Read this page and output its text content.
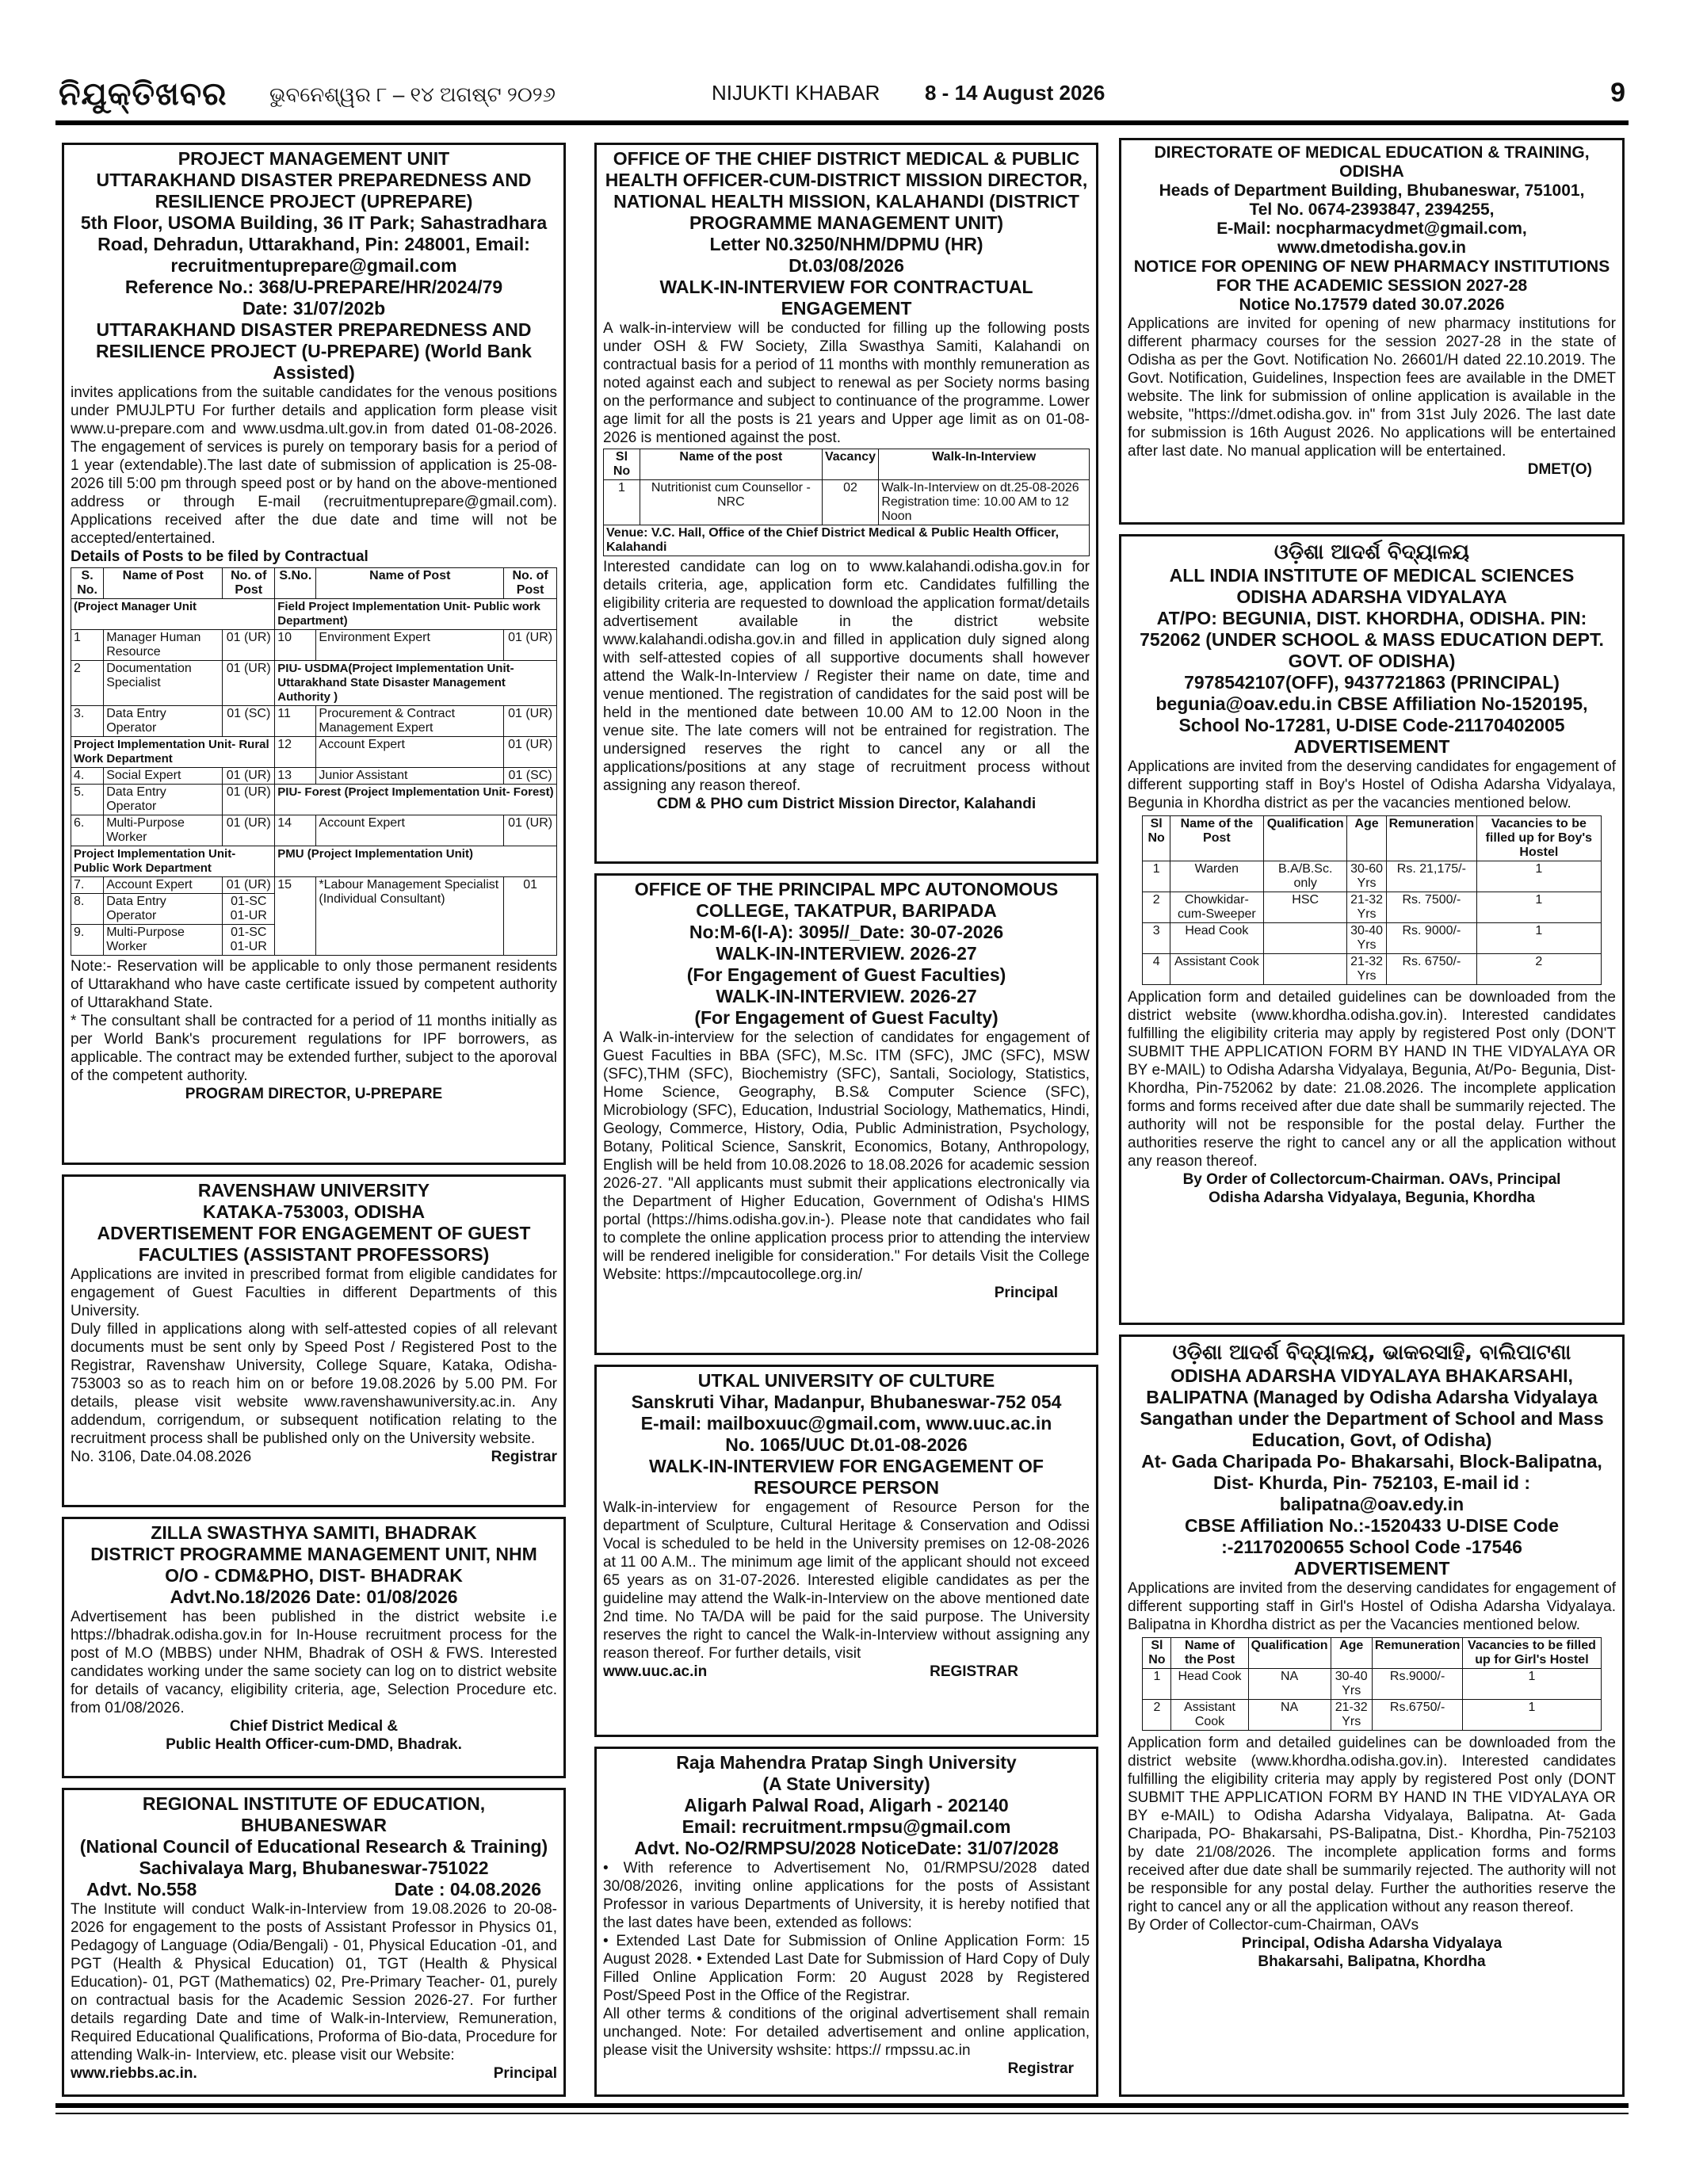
ନିଯୁକ୍ତିଖବର ଭୁବନେଶ୍ୱର ୮ – ୧୪ ଅଗଷ୍ଟ ୨୦୨୬	NIJUKTI KHABAR 8 - 14 August 2026	9
PROJECT MANAGEMENT UNIT
UTTARAKHAND DISASTER PREPAREDNESS AND RESILIENCE PROJECT (UPREPARE)
5th Floor, USOMA Building, 36 IT Park; Sahastradhara Road, Dehradun, Uttarakhand, Pin: 248001, Email: recruitmentuprepare@gmail.com
Reference No.: 368/U-PREPARE/HR/2024/79
Date: 31/07/202b
UTTARAKHAND DISASTER PREPAREDNESS AND RESILIENCE PROJECT (U-PREPARE) (World Bank Assisted)
invites applications from the suitable candidates for the venous positions under PMUJLPTU For further details and application form please visit www.u-prepare.com and www.usdma.ult.gov.in from dated 01-08-2026. The engagement of services is purely on temporary basis for a period of 1 year (extendable).The last date of submission of application is 25-08-2026 till 5:00 pm through speed post or by hand on the above-mentioned address or through E-mail (recruitmentuprepare@gmail.com). Applications received after the due date and time will not be accepted/entertained.
Details of Posts to be filed by Contractual
S. No.	Name of Post	No. of Post	S.No.	Name of Post	No. of Post
(Project Manager Unit			Field Project Implementation Unit- Public work Department)		
1	Manager Human Resource	01 (UR)	10	Environment Expert	01 (UR)
2	Documentation Specialist	01 (UR)	PIU- USDMA(Project Implementation Unit- Uttarakhand State Disaster Management Authority )		
3.	Data Entry Operator	01 (SC)	11	Procurement & Contract Management Expert	01 (UR)
Project Implementation Unit- Rural Work Department			12	Account Expert	01 (UR)
4.	Social Expert	01 (UR)	13	Junior Assistant	01 (SC)
5.	Data Entry Operator	01 (UR)	PIU- Forest (Project Implementation Unit- Forest)		
6.	Multi-Purpose Worker	01 (UR)	14	Account Expert	01 (UR)
Project Implementation Unit- Public Work Department			PMU (Project Implementation Unit)		
7.	Account Expert	01 (UR)	15	*Labour Management Specialist (Individual Consultant)	01
8.	Data Entry Operator	01-SC 01-UR			
9.	Multi-Purpose Worker	01-SC 01-UR			
Note:- Reservation will be applicable to only those permanent residents of Uttarakhand who have caste certificate issued by competent authority of Uttarakhand State.
* The consultant shall be contracted for a period of 11 months initially as per World Bank's procurement regulations for IPF borrowers, as applicable. The contract may be extended further, subject to the aporoval of the competent authority.
PROGRAM DIRECTOR, U-PREPARE
RAVENSHAW UNIVERSITY
KATAKA-753003, ODISHA
ADVERTISEMENT FOR ENGAGEMENT OF GUEST FACULTIES (ASSISTANT PROFESSORS)
Applications are invited in prescribed format from eligible candidates for engagement of Guest Faculties in different Departments of this University.
Duly filled in applications along with self-attested copies of all relevant documents must be sent only by Speed Post / Registered Post to the Registrar, Ravenshaw University, College Square, Kataka, Odisha-753003 so as to reach him on or before 19.08.2026 by 5.00 PM. For details, please visit website www.ravenshawuniversity.ac.in. Any addendum, corrigendum, or subsequent notification relating to the recruitment process shall be published only on the University website.
No. 3106, Date.04.08.2026	Registrar
ZILLA SWASTHYA SAMITI, BHADRAK
DISTRICT PROGRAMME MANAGEMENT UNIT, NHM
O/O - CDM&PHO, DIST- BHADRAK
Advt.No.18/2026 Date: 01/08/2026
Advertisement has been published in the district website i.e https://bhadrak.odisha.gov.in for In-House recruitment process for the post of M.O (MBBS) under NHM, Bhadrak of OSH & FWS. Interested candidates working under the same society can log on to district website for details of vacancy, eligibility criteria, age, Selection Procedure etc. from 01/08/2026.
Chief District Medical &
Public Health Officer-cum-DMD, Bhadrak.
REGIONAL INSTITUTE OF EDUCATION, BHUBANESWAR
(National Council of Educational Research & Training) Sachivalaya Marg, Bhubaneswar-751022
Advt. No.558	Date : 04.08.2026
The Institute will conduct Walk-in-Interview from 19.08.2026 to 20-08-2026 for engagement to the posts of Assistant Professor in Physics 01, Pedagogy of Language (Odia/Bengali) - 01, Physical Education -01, and PGT (Health & Physical Education) 01, TGT (Health & Physical Education)- 01, PGT (Mathematics) 02, Pre-Primary Teacher- 01, purely on contractual basis for the Academic Session 2026-27. For further details regarding Date and time of Walk-in-Interview, Remuneration, Required Educational Qualifications, Proforma of Bio-data, Procedure for attending Walk-in- Interview, etc. please visit our Website:
www.riebbs.ac.in.	Principal
OFFICE OF THE CHIEF DISTRICT MEDICAL & PUBLIC HEALTH OFFICER-CUM-DISTRICT MISSION DIRECTOR, NATIONAL HEALTH MISSION, KALAHANDI (DISTRICT PROGRAMME MANAGEMENT UNIT)
Letter N0.3250/NHM/DPMU (HR)
Dt.03/08/2026
WALK-IN-INTERVIEW FOR CONTRACTUAL ENGAGEMENT
A walk-in-interview will be conducted for filling up the following posts under OSH & FW Society, Zilla Swasthya Samiti, Kalahandi on contractual basis for a period of 11 months with monthly remuneration as noted against each and subject to renewal as per Society norms basing on the performance and subject to continuance of the programme. Lower age limit for all the posts is 21 years and Upper age limit as on 01-08-2026 is mentioned against the post.
Sl No	Name of the post	Vacancy	Walk-In-Interview
1	Nutritionist cum Counsellor - NRC	02	Walk-In-Interview on dt.25-08-2026
Registration time: 10.00 AM to 12 Noon

Venue: V.C. Hall, Office of the Chief District Medical & Public Health Officer, Kalahandi			
Interested candidate can log on to www.kalahandi.odisha.gov.in for details criteria, age, application form etc. Candidates fulfilling the eligibility criteria are requested to download the application format/details advertisement available in the district website www.kalahandi.odisha.gov.in and filled in application duly signed along with self-attested copies of all supportive documents shall however attend the Walk-In-Interview / Register their name on date, time and venue mentioned. The registration of candidates for the said post will be held in the mentioned date between 10.00 AM to 12.00 Noon in the venue site. The late comers will not be entrained for registration. The undersigned reserves the right to cancel any or all the applications/positions at any stage of recruitment process without assigning any reason thereof.
CDM & PHO cum District Mission Director, Kalahandi
OFFICE OF THE PRINCIPAL MPC AUTONOMOUS COLLEGE, TAKATPUR, BARIPADA
No:M-6(I-A): 3095//_Date: 30-07-2026
WALK-IN-INTERVIEW. 2026-27
(For Engagement of Guest Faculties)
WALK-IN-INTERVIEW. 2026-27
(For Engagement of Guest Faculty)
A Walk-in-interview for the selection of candidates for engagement of Guest Faculties in BBA (SFC), M.Sc. ITM (SFC), JMC (SFC), MSW (SFC),THM (SFC), Biochemistry (SFC), Santali, Sociology, Statistics, Home Science, Geography, B.S& Computer Science (SFC), Microbiology (SFC), Education, Industrial Sociology, Mathematics, Hindi, Geology, Commerce, History, Odia, Public Administration, Psychology, Botany, Political Science, Sanskrit, Economics, Botany, Anthropology, English will be held from 10.08.2026 to 18.08.2026 for academic session 2026-27. "All applicants must submit their applications electronically via the Department of Higher Education, Government of Odisha's HIMS portal (https://hims.odisha.gov.in-). Please note that candidates who fail to complete the online application process prior to attending the interview will be rendered ineligible for consideration." For details Visit the College Website: https://mpcautocollege.org.in/
Principal
UTKAL UNIVERSITY OF CULTURE
Sanskruti Vihar, Madanpur, Bhubaneswar-752 054
E-mail: mailboxuuc@gmail.com, www.uuc.ac.in
No. 1065/UUC Dt.01-08-2026
WALK-IN-INTERVIEW FOR ENGAGEMENT OF RESOURCE PERSON
Walk-in-interview for engagement of Resource Person for the department of Sculpture, Cultural Heritage & Conservation and Odissi Vocal is scheduled to be held in the University premises on 12-08-2026 at 11 00 A.M.. The minimum age limit of the applicant should not exceed 65 years as on 31-07-2026. Interested eligible candidates as per the guideline may attend the Walk-in-Interview on the above mentioned date 2nd time. No TA/DA will be paid for the said purpose. The University reserves the right to cancel the Walk-in-Interview without assigning any reason thereof. For further details, visit
www.uuc.ac.in	REGISTRAR
Raja Mahendra Pratap Singh University
(A State University)
Aligarh Palwal Road, Aligarh - 202140
Email: recruitment.rmpsu@gmail.com
Advt. No-O2/RMPSU/2028 NoticeDate: 31/07/2028
• With reference to Advertisement No, 01/RMPSU/2028 dated 30/08/2026, inviting online applications for the posts of Assistant Professor in various Departments of University, it is hereby notified that the last dates have been, extended as follows:
• Extended Last Date for Submission of Online Application Form: 15 August 2028. • Extended Last Date for Submission of Hard Copy of Duly Filled Online Application Form: 20 August 2028 by Registered Post/Speed Post in the Office of the Registrar.
All other terms & conditions of the original advertisement shall remain unchanged. Note: For detailed advertisement and online application, please visit the University wshsite: https:// rmpssu.ac.in
Registrar
DIRECTORATE OF MEDICAL EDUCATION & TRAINING, ODISHA
Heads of Department Building, Bhubaneswar, 751001,
Tel No. 0674-2393847, 2394255,
E-Mail: nocpharmacydmet@gmail.com,
www.dmetodisha.gov.in
NOTICE FOR OPENING OF NEW PHARMACY INSTITUTIONS FOR THE ACADEMIC SESSION 2027-28
Notice No.17579 dated 30.07.2026
Applications are invited for opening of new pharmacy institutions for different pharmacy courses for the session 2027-28 in the state of Odisha as per the Govt. Notification No. 26601/H dated 22.10.2019. The Govt. Notification, Guidelines, Inspection fees are available in the DMET website. The link for submission of online application is available in the website, "https://dmet.odisha.gov. in" from 31st July 2026. The last date for submission is 16th August 2026. No applications will be entertained after last date. No manual application will be entertained.
DMET(O)
ଓଡ଼ିଶା ଆଦର୍ଶ ବିଦ୍ୟାଳୟ
ALL INDIA INSTITUTE OF MEDICAL SCIENCES
ODISHA ADARSHA VIDYALAYA
AT/PO: BEGUNIA, DIST. KHORDHA, ODISHA. PIN: 752062 (UNDER SCHOOL & MASS EDUCATION DEPT. GOVT. OF ODISHA)
7978542107(OFF), 9437721863 (PRINCIPAL)
begunia@oav.edu.in CBSE Affiliation No-1520195, School No-17281, U-DISE Code-21170402005
ADVERTISEMENT
Applications are invited from the deserving candidates for engagement of different supporting staff in Boy's Hostel of Odisha Adarsha Vidyalaya, Begunia in Khordha district as per the vacancies mentioned below.
Sl No	Name of the Post	Qualification	Age	Remuneration	Vacancies to be filled up for Boy's Hostel
1	Warden	B.A/B.Sc. only	30-60 Yrs	Rs. 21,175/-	1
2	Chowkidar-cum-Sweeper	HSC	21-32 Yrs	Rs. 7500/-	1
3	Head Cook		30-40 Yrs	Rs. 9000/-	1
4	Assistant Cook		21-32 Yrs	Rs. 6750/-	2
Application form and detailed guidelines can be downloaded from the district website (www.khordha.odisha.gov.in). Interested candidates fulfilling the eligibility criteria may apply by registered Post only (DON'T SUBMIT THE APPLICATION FORM BY HAND IN THE VIDYALAYA OR BY e-MAIL) to Odisha Adarsha Vidyalaya, Begunia, At/Po- Begunia, Dist- Khordha, Pin-752062 by date: 21.08.2026. The incomplete application forms and forms received after due date shall be summarily rejected. The authority will not be responsible for the postal delay. Further the authorities reserve the right to cancel any or all the application without any reason thereof.
By Order of Collectorcum-Chairman. OAVs, Principal
Odisha Adarsha Vidyalaya, Begunia, Khordha
ଓଡ଼ିଶା ଆଦର୍ଶ ବିଦ୍ୟାଳୟ, ଭାକରସାହି, ବାଲିପାଟଣା
ODISHA ADARSHA VIDYALAYA BHAKARSAHI, BALIPATNA (Managed by Odisha Adarsha Vidyalaya Sangathan under the Department of School and Mass Education, Govt, of Odisha)
At- Gada Charipada Po- Bhakarsahi, Block-Balipatna, Dist- Khurda, Pin- 752103, E-mail id : balipatna@oav.edy.in
CBSE Affiliation No.:-1520433 U-DISE Code :-21170200655 School Code -17546
ADVERTISEMENT
Applications are invited from the deserving candidates for engagement of different supporting staff in Girl's Hostel of Odisha Adarsha Vidyalaya. Balipatna in Khordha district as per the Vacancies mentioned below.
Sl No	Name of the Post	Qualification	Age	Remuneration	Vacancies to be filled up for Girl's Hostel
1	Head Cook	NA	30-40 Yrs	Rs.9000/-	1
2	Assistant Cook	NA	21-32 Yrs	Rs.6750/-	1
Application form and detailed guidelines can be downloaded from the district website (www.khordha.odisha.gov.in). Interested candidates fulfilling the eligibility criteria may apply by registered Post only (DONT SUBMIT THE APPLICATION FORM BY HAND IN THE VIDYALAYA OR BY e-MAIL) to Odisha Adarsha Vidyalaya, Balipatna. At- Gada Charipada, PO- Bhakarsahi, PS-Balipatna, Dist.- Khordha, Pin-752103 by date 21/08/2026. The incomplete application forms and forms received after due date shall be summarily rejected. The authority will not be responsible for any postal delay. Further the authorities reserve the right to cancel any or all the application without any reason thereof.
By Order of Collector-cum-Chairman, OAVs
Principal, Odisha Adarsha Vidyalaya
Bhakarsahi, Balipatna, Khordha
